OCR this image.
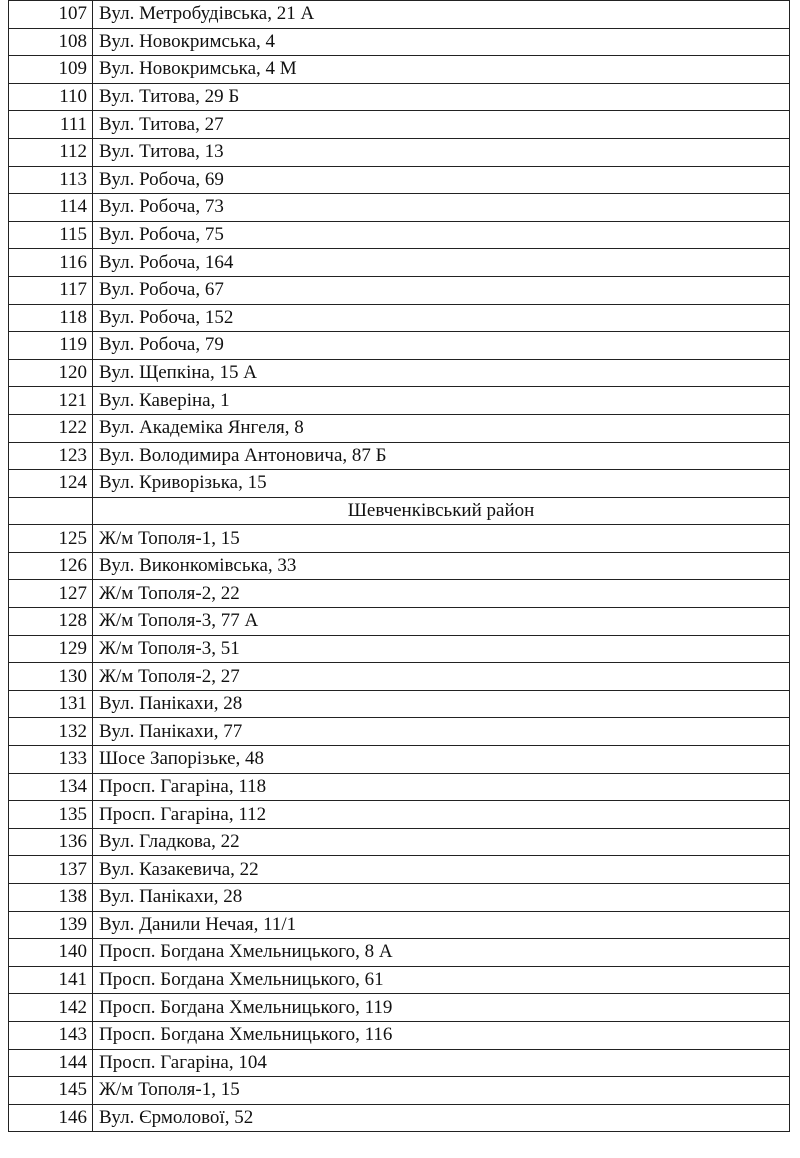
107	Вул. Метробудівська, 21 А
108	Вул. Новокримська, 4
109	Вул. Новокримська, 4 М
110	Вул. Титова, 29 Б
111	Вул. Титова, 27
112	Вул. Титова, 13
113	Вул. Робоча, 69
114	Вул. Робоча, 73
115	Вул. Робоча, 75
116	Вул. Робоча, 164
117	Вул. Робоча, 67
118	Вул. Робоча, 152
119	Вул. Робоча, 79
120	Вул. Щепкіна, 15 А
121	Вул. Каверіна, 1
122	Вул. Академіка Янгеля, 8
123	Вул. Володимира Антоновича, 87 Б
124	Вул. Криворізька, 15
	Шевченківський район
125	Ж/м Тополя-1, 15
126	Вул. Виконкомівська, 33
127	Ж/м Тополя-2, 22
128	Ж/м Тополя-3, 77 А
129	Ж/м Тополя-3, 51
130	Ж/м Тополя-2, 27
131	Вул. Панікахи, 28
132	Вул. Панікахи, 77
133	Шосе Запорізьке, 48
134	Просп. Гагаріна, 118
135	Просп. Гагаріна, 112
136	Вул. Гладкова, 22
137	Вул. Казакевича, 22
138	Вул. Панікахи, 28
139	Вул. Данили Нечая, 11/1
140	Просп. Богдана Хмельницького, 8 А
141	Просп. Богдана Хмельницького, 61
142	Просп. Богдана Хмельницького, 119
143	Просп. Богдана Хмельницького, 116
144	Просп. Гагаріна, 104
145	Ж/м Тополя-1, 15
146	Вул. Єрмолової, 52
